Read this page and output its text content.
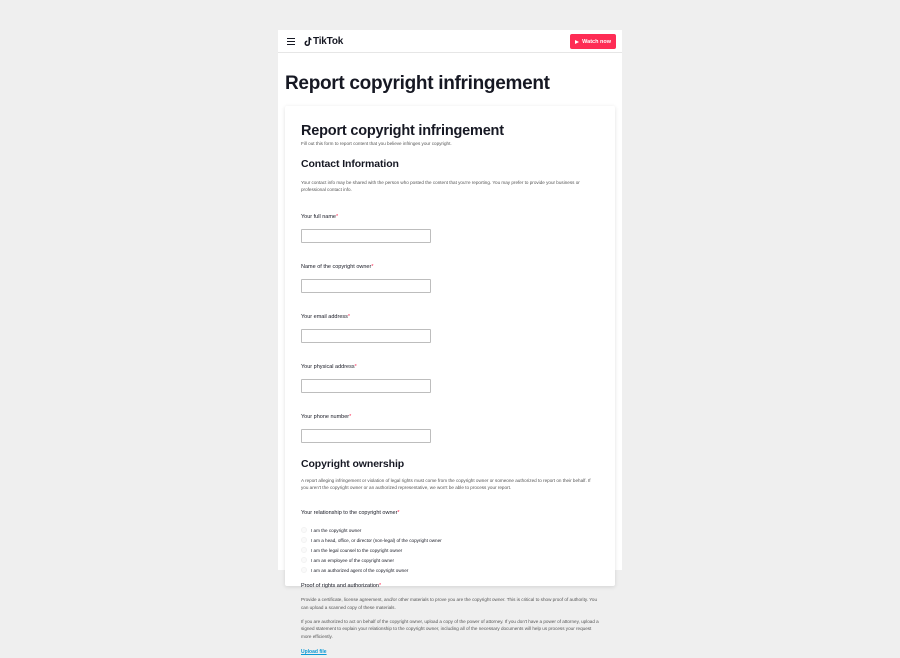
TikTok	Watch now
Report copyright infringement
Report copyright infringement
Fill out this form to report content that you believe infringes your copyright.
Contact Information

Your contact info may be shared with the person who posted the content that you're reporting. You may prefer to provide your business or professional contact info.

Your full name*
Name of the copyright owner*
Your email address*
Your physical address*
Your phone number*
Copyright ownership

A report alleging infringement or violation of legal rights must come from the copyright owner or someone authorized to report on their behalf. If you aren't the copyright owner or an authorized representative, we won't be able to process your report.

Your relationship to the copyright owner*
I am the copyright owner
I am a head, office, or director (non-legal) of the copyright owner
I am the legal counsel to the copyright owner
I am an employee of the copyright owner
I am an authorized agent of the copyright owner
Proof of rights and authorization*

Provide a certificate, license agreement, and/or other materials to prove you are the copyright owner. This is critical to show proof of authority. You can upload a scanned copy of these materials.

If you are authorized to act on behalf of the copyright owner, upload a copy of the power of attorney. If you don't have a power of attorney, upload a signed statement to explain your relationship to the copyright owner, including all of the necessary documents will help us process your request more efficiently.

Upload file
